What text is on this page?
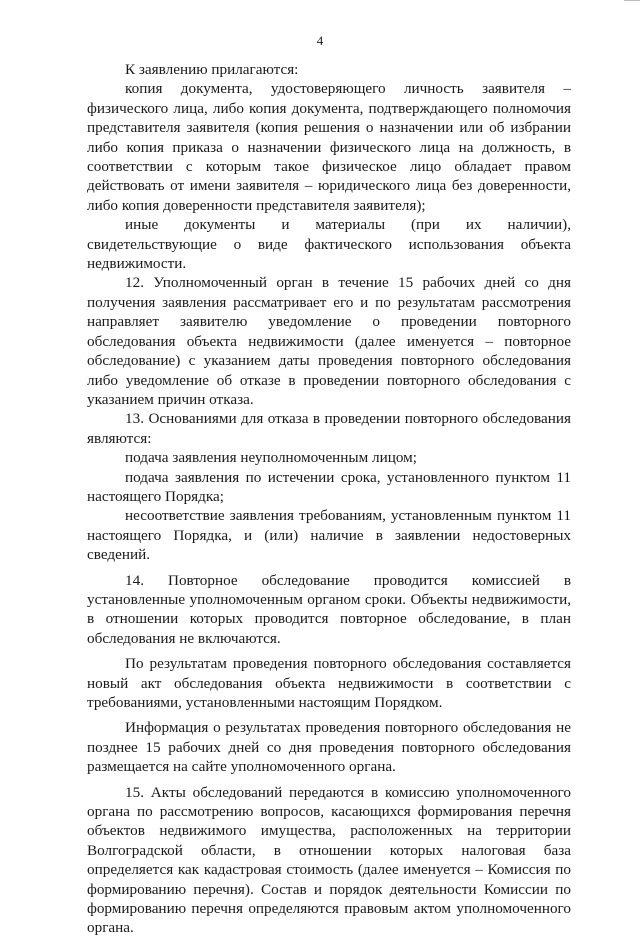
4

К заявлению прилагаются:

копия документа, удостоверяющего личность заявителя – физического лица, либо копия документа, подтверждающего полномочия представителя заявителя (копия решения о назначении или об избрании либо копия приказа о назначении физического лица на должность, в соответствии с которым такое физическое лицо обладает правом действовать от имени заявителя – юридического лица без доверенности, либо копия доверенности представителя заявителя);

иные документы и материалы (при их наличии), свидетельствующие о виде фактического использования объекта недвижимости.

12. Уполномоченный орган в течение 15 рабочих дней со дня получения заявления рассматривает его и по результатам рассмотрения направляет заявителю уведомление о проведении повторного обследования объекта недвижимости (далее именуется – повторное обследование) с указанием даты проведения повторного обследования либо уведомление об отказе в проведении повторного обследования с указанием причин отказа.

13. Основаниями для отказа в проведении повторного обследования являются:

подача заявления неуполномоченным лицом;

подача заявления по истечении срока, установленного пунктом 11 настоящего Порядка;

несоответствие заявления требованиям, установленным пунктом 11 настоящего Порядка, и (или) наличие в заявлении недостоверных сведений.

14. Повторное обследование проводится комиссией в установленные уполномоченным органом сроки. Объекты недвижимости, в отношении которых проводится повторное обследование, в план обследования не включаются.

По результатам проведения повторного обследования составляется новый акт обследования объекта недвижимости в соответствии с требованиями, установленными настоящим Порядком.

Информация о результатах проведения повторного обследования не позднее 15 рабочих дней со дня проведения повторного обследования размещается на сайте уполномоченного органа.

15. Акты обследований передаются в комиссию уполномоченного органа по рассмотрению вопросов, касающихся формирования перечня объектов недвижимого имущества, расположенных на территории Волгоградской области, в отношении которых налоговая база определяется как кадастровая стоимость (далее именуется – Комиссия по формированию перечня). Состав и порядок деятельности Комиссии по формированию перечня определяются правовым актом уполномоченного органа.
